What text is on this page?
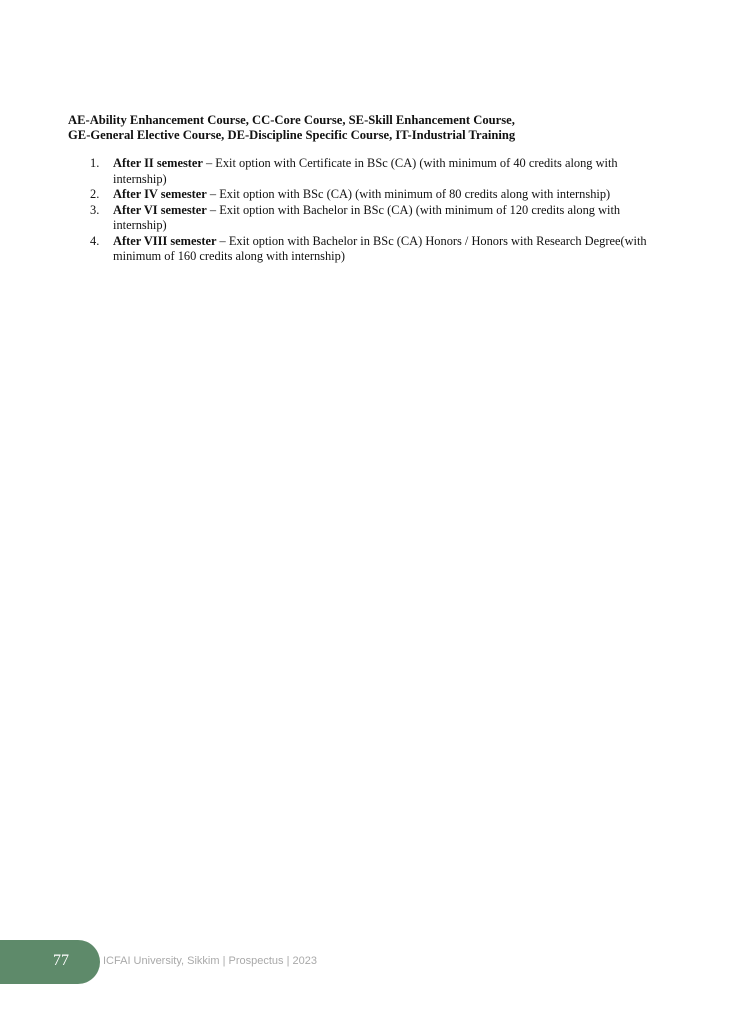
AE-Ability Enhancement Course, CC-Core Course, SE-Skill Enhancement Course,
GE-General Elective Course, DE-Discipline Specific Course, IT-Industrial Training
1. After II semester – Exit option with Certificate in BSc (CA) (with minimum of 40 credits along with internship)
2. After IV semester – Exit option with BSc (CA) (with minimum of 80 credits along with internship)
3. After VI semester – Exit option with Bachelor in BSc (CA) (with minimum of 120 credits along with internship)
4. After VIII semester – Exit option with Bachelor in BSc (CA) Honors / Honors with Research Degree(with minimum of 160 credits along with internship)
77	ICFAI University, Sikkim | Prospectus | 2023
